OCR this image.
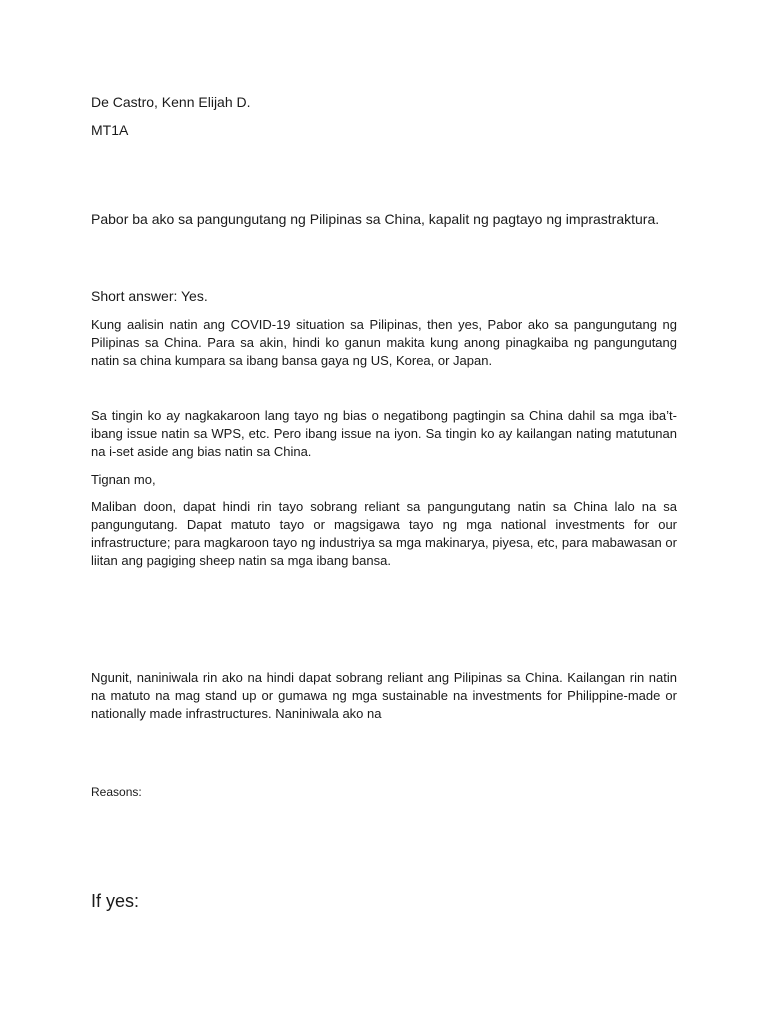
De Castro, Kenn Elijah D.

MT1A

Pabor ba ako sa pangungutang ng Pilipinas sa China, kapalit ng pagtayo ng imprastraktura.

Short answer: Yes.

Kung aalisin natin ang COVID-19 situation sa Pilipinas, then yes, Pabor ako sa pangungutang ng Pilipinas sa China. Para sa akin, hindi ko ganun makita kung anong pinagkaiba ng pangungutang natin sa china kumpara sa ibang bansa gaya ng US, Korea, or Japan.

Sa tingin ko ay nagkakaroon lang tayo ng bias o negatibong pagtingin sa China dahil sa mga iba’t-ibang issue natin sa WPS, etc. Pero ibang issue na iyon. Sa tingin ko ay kailangan nating matutunan na i-set aside ang bias natin sa China.

Tignan mo,

Maliban doon, dapat hindi rin tayo sobrang reliant sa pangungutang natin sa China lalo na sa pangungutang. Dapat matuto tayo or magsigawa tayo ng mga national investments for our infrastructure; para magkaroon tayo ng industriya sa mga makinarya, piyesa, etc, para mabawasan or liitan ang pagiging sheep natin sa mga ibang bansa.

Ngunit, naniniwala rin ako na hindi dapat sobrang reliant ang Pilipinas sa China. Kailangan rin natin na matuto na mag stand up or gumawa ng mga sustainable na investments for Philippine-made or nationally made infrastructures. Naniniwala ako na

Reasons:

If yes:
